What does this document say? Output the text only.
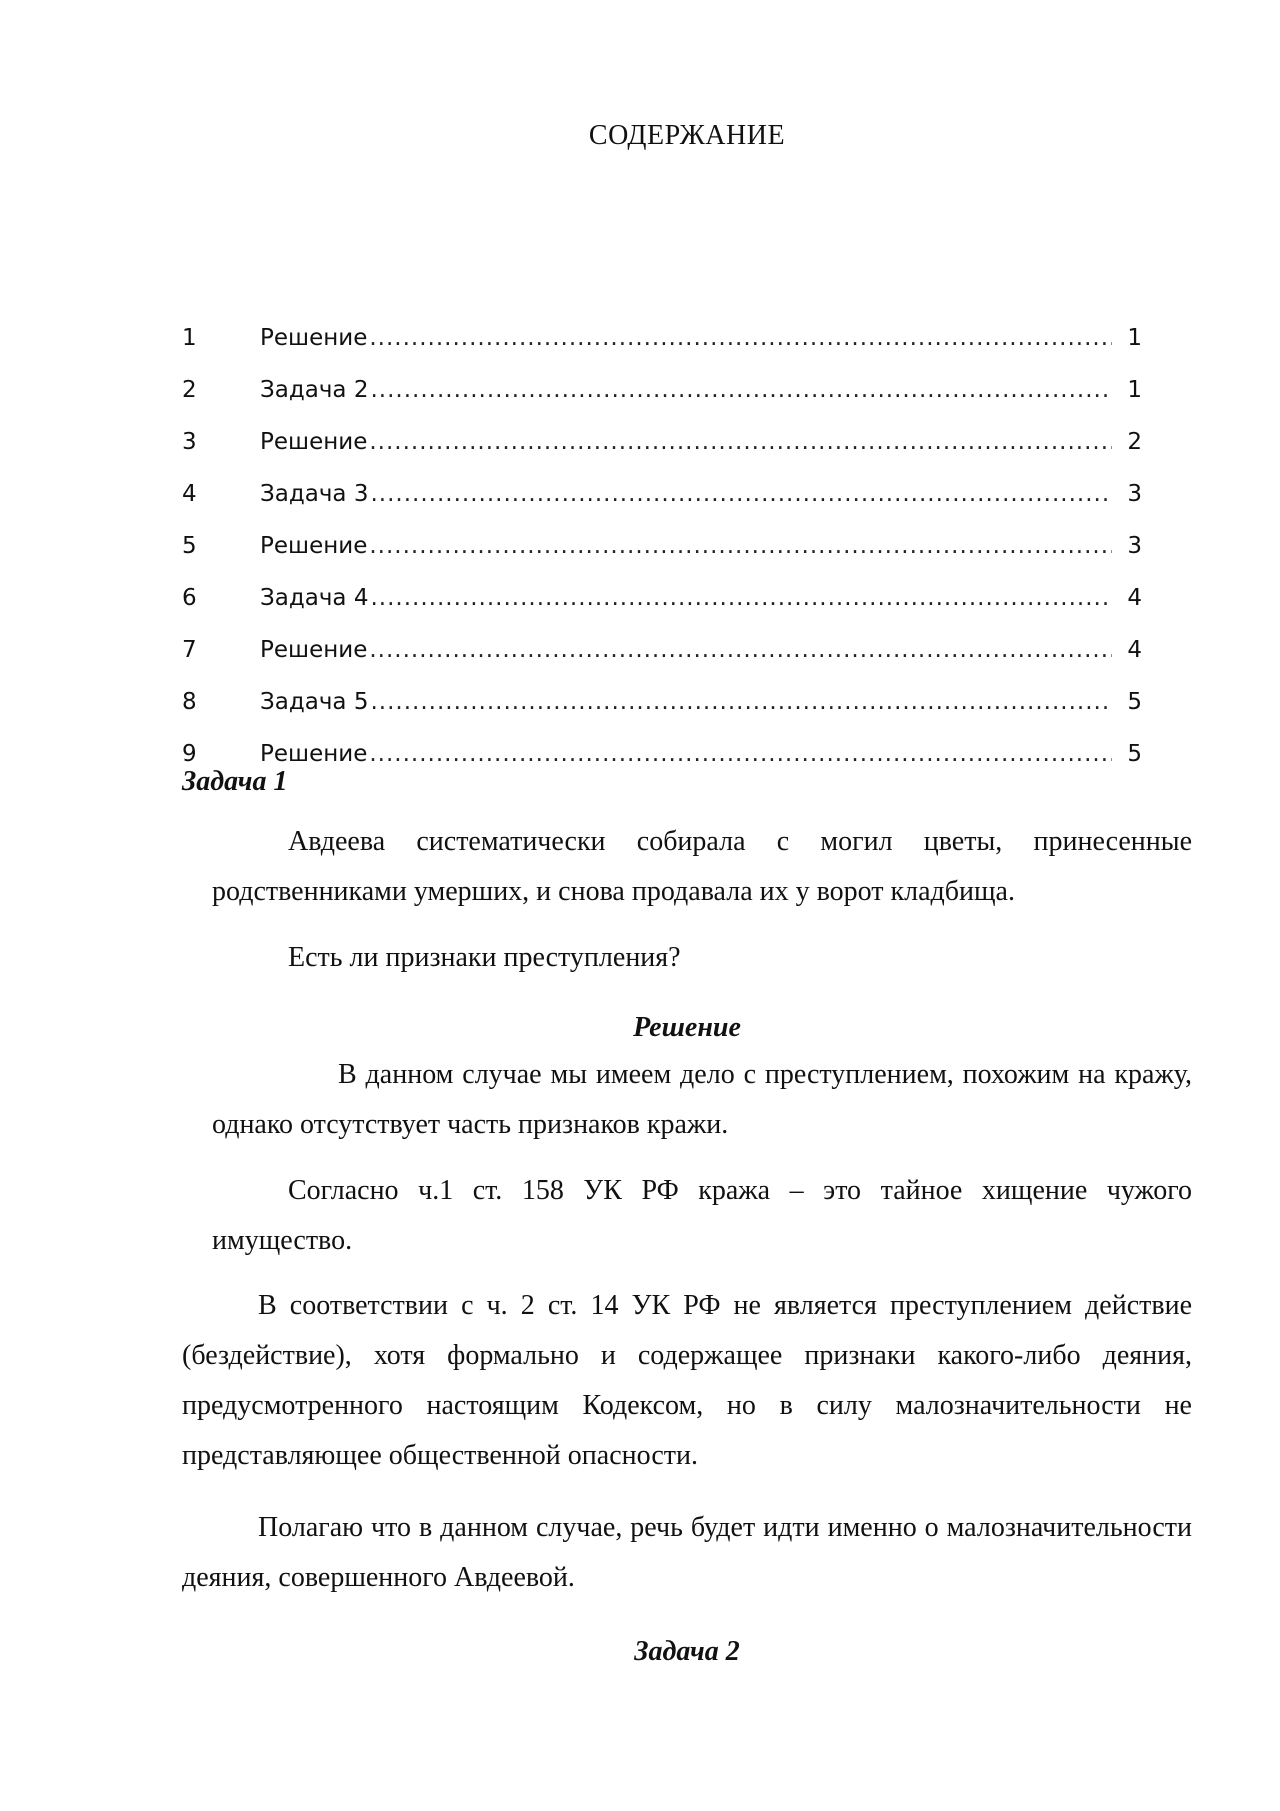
СОДЕРЖАНИЕ
1	Решение .....	1
2	Задача 2 .....	1
3	Решение .....	2
4	Задача 3 .....	3
5	Решение .....	3
6	Задача 4 .....	4
7	Решение .....	4
8	Задача 5 .....	5
9	Решение .....	5
Задача 1
Авдеева систематически собирала с могил цветы, принесенные родственниками умерших, и снова продавала их у ворот кладбища.
Есть ли признаки преступления?
Решение
В данном случае мы имеем дело с преступлением, похожим на кражу, однако отсутствует часть признаков кражи.
Согласно ч.1 ст. 158 УК РФ кража – это тайное хищение чужого имущество.
В соответствии с ч. 2 ст. 14 УК РФ не является преступлением действие (бездействие), хотя формально и содержащее признаки какого-либо деяния, предусмотренного настоящим Кодексом, но в силу малозначительности не представляющее общественной опасности.
Полагаю что в данном случае, речь будет идти именно о малозначительности деяния, совершенного Авдеевой.
Задача 2
